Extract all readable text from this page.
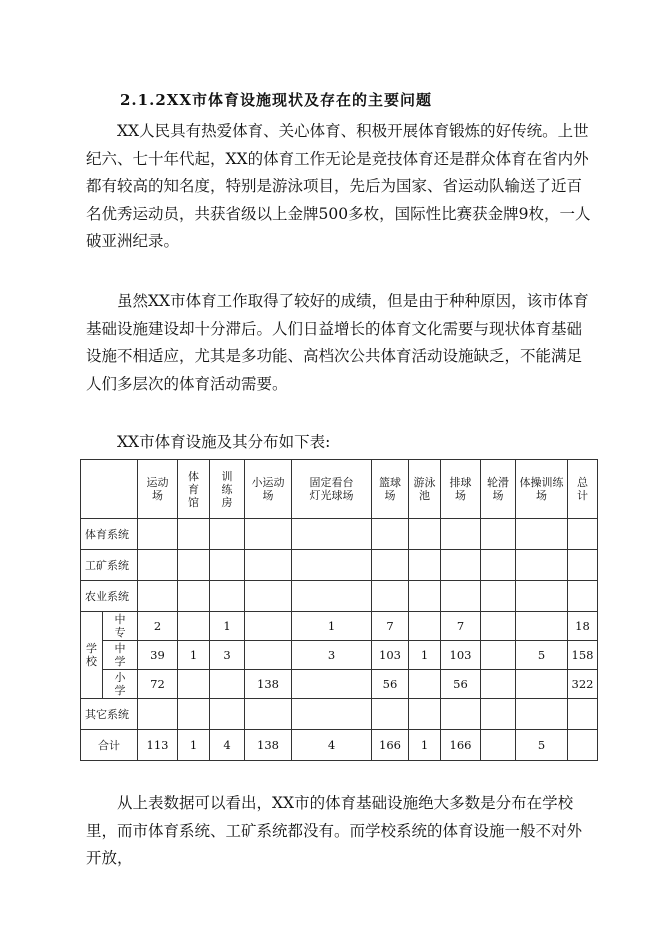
2.1.2XX市体育设施现状及存在的主要问题

XX人民具有热爱体育、关心体育、积极开展体育锻炼的好传统。上世纪六、七十年代起，XX的体育工作无论是竞技体育还是群众体育在省内外都有较高的知名度，特别是游泳项目，先后为国家、省运动队输送了近百名优秀运动员，共获省级以上金牌500多枚，国际性比赛获金牌9枚，一人破亚洲纪录。

虽然XX市体育工作取得了较好的成绩，但是由于种种原因，该市体育基础设施建设却十分滞后。人们日益增长的体育文化需要与现状体育基础设施不相适应，尤其是多功能、高档次公共体育活动设施缺乏，不能满足人们多层次的体育活动需要。

XX市体育设施及其分布如下表:

		运动场	体育馆	训练房	小运动场	固定看台灯光球场	篮球场	游泳池	排球场	轮滑场	体操训练场	总计
体育系统												
工矿系统												
农业系统												
学校	中专	2		1		1	7		7			18
	中学	39	1	3		3	103	1	103		5	158
	小学	72			138		56		56			322
其它系统												
合计		113	1	4	138	4	166	1	166		5	

从上表数据可以看出，XX市的体育基础设施绝大多数是分布在学校里，而市体育系统、工矿系统都没有。而学校系统的体育设施一般不对外开放，
